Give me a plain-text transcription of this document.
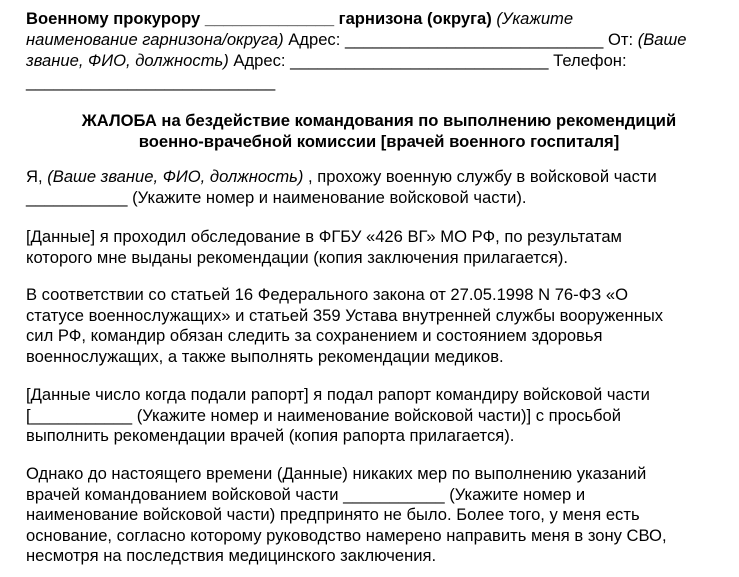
Военному прокурору ______________ гарнизона (округа) (Укажите
наименование гарнизона/округа) Адрес: ____________________________ От: (Ваше
звание, ФИО, должность) Адрес: ____________________________ Телефон:
___________________________
ЖАЛОБА на бездействие командования по выполнению рекомендиций
военно-врачебной комиссии [врачей военного госпиталя]
Я, (Ваше звание, ФИО, должность) , прохожу военную службу в войсковой части
___________ (Укажите номер и наименование войсковой части).
[Данные] я проходил обследование в ФГБУ «426 ВГ» МО РФ, по результатам
которого мне выданы рекомендации (копия заключения прилагается).
В соответствии со статьей 16 Федерального закона от 27.05.1998 N 76-ФЗ «О
статусе военнослужащих» и статьей 359 Устава внутренней службы вооруженных
сил РФ, командир обязан следить за сохранением и состоянием здоровья
военнослужащих, а также выполнять рекомендации медиков.
[Данные число когда подали рапорт] я подал рапорт командиру войсковой части
[___________ (Укажите номер и наименование войсковой части)] с просьбой
выполнить рекомендации врачей (копия рапорта прилагается).
Однако до настоящего времени (Данные) никаких мер по выполнению указаний
врачей командованием войсковой части ___________ (Укажите номер и
наименование войсковой части) предпринято не было. Более того, у меня есть
основание, согласно которому руководство намерено направить меня в зону СВО,
несмотря на последствия медицинского заключения.
